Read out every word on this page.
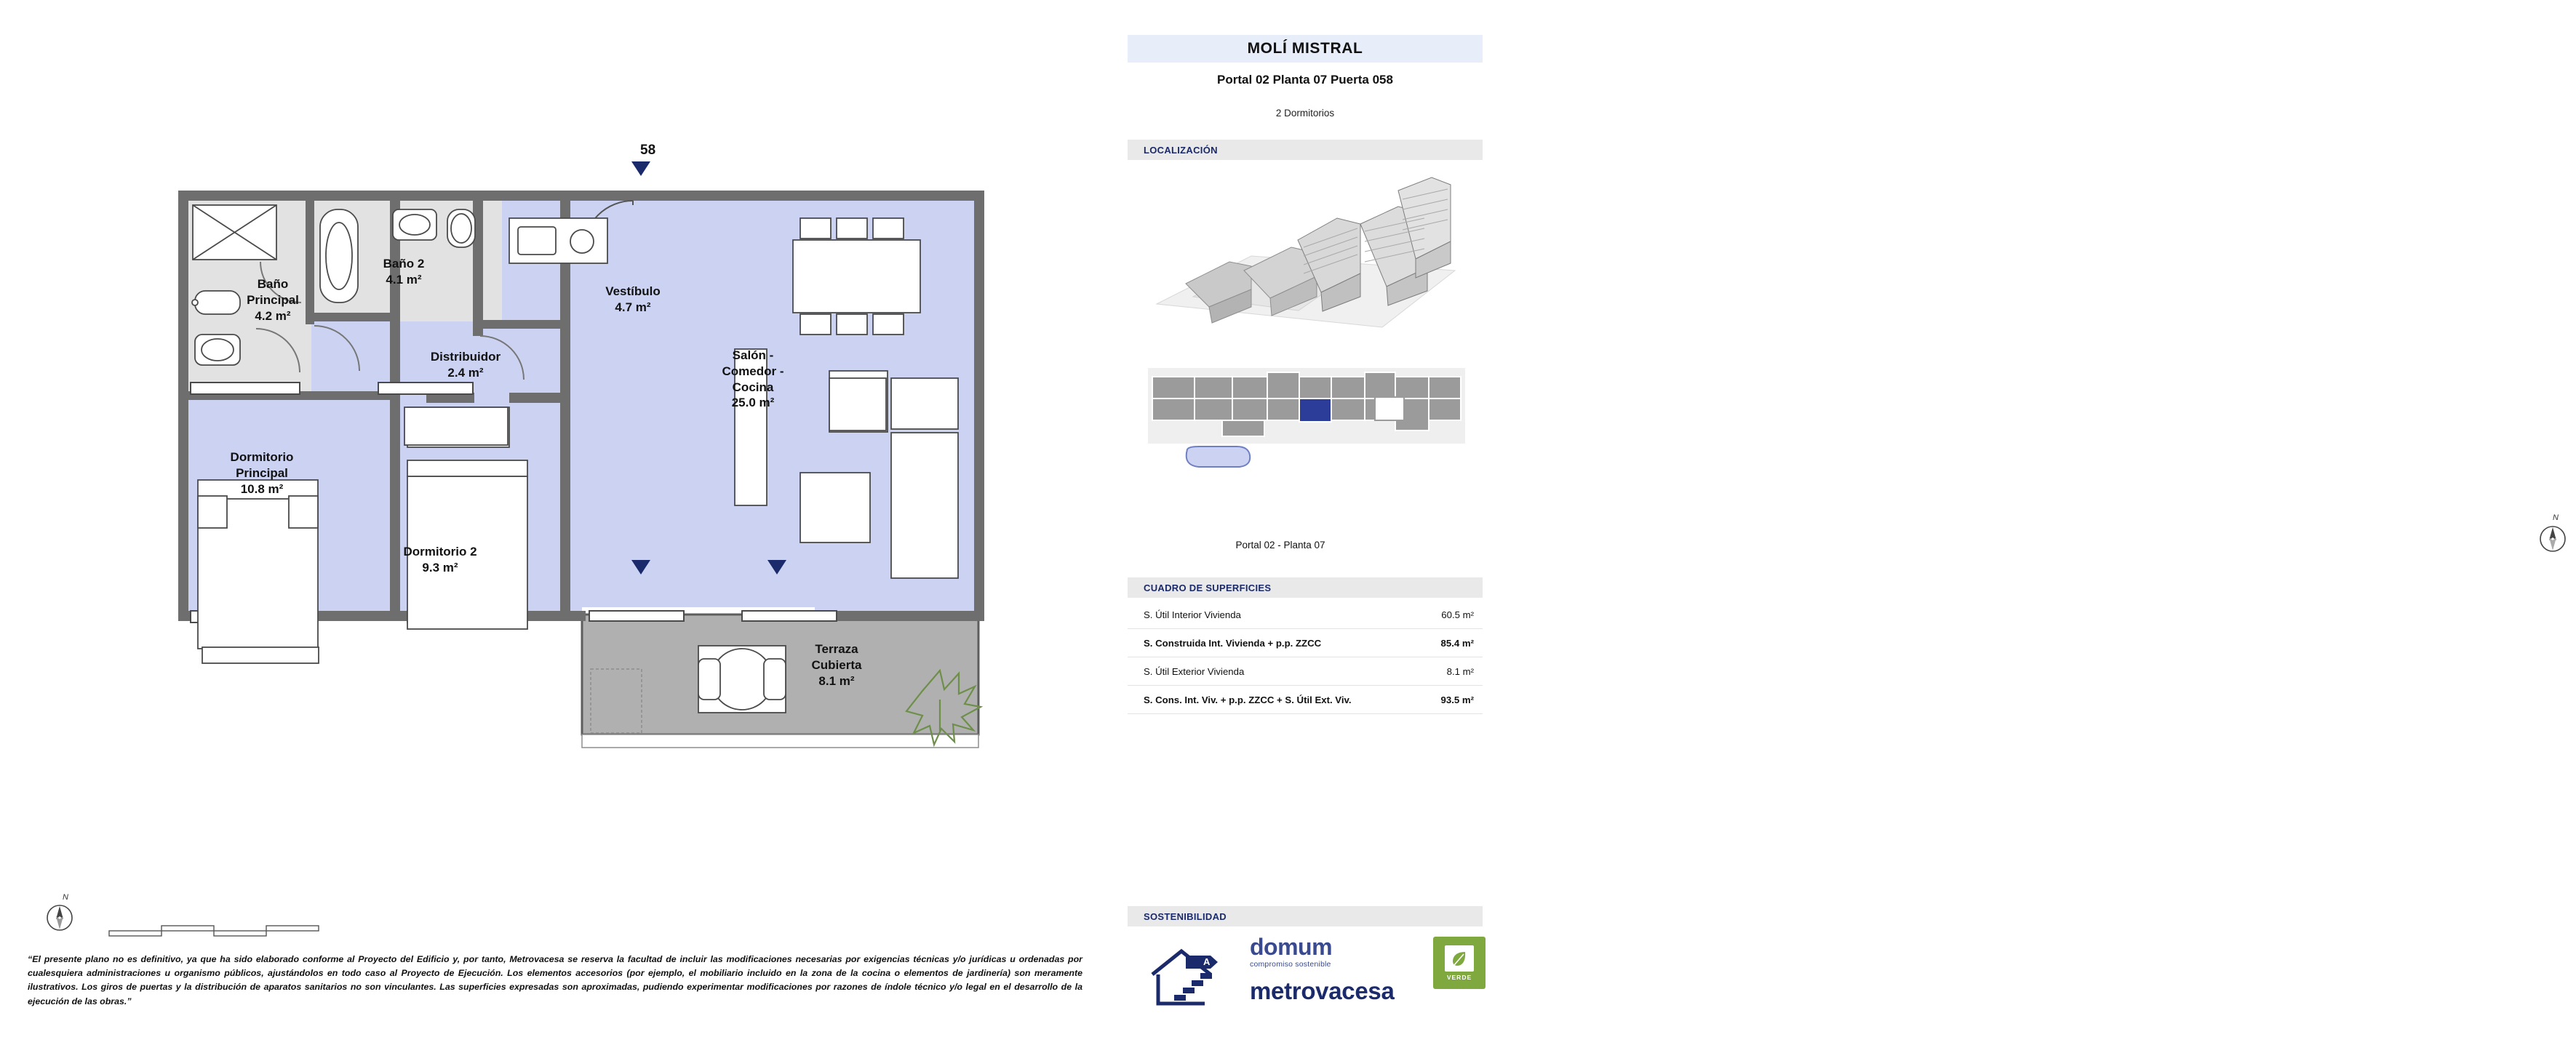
58
Baño
Principal
4.2 m²
Baño 2
4.1 m²
Vestíbulo
4.7 m²
Distribuidor
2.4 m²
Salón -
Comedor -
Cocina
25.0 m²
Dormitorio
Principal
10.8 m²
Dormitorio 2
9.3 m²
Terraza
Cubierta
8.1 m²
N
“El presente plano no es definitivo, ya que ha sido elaborado conforme al Proyecto del Edificio y, por tanto, Metrovacesa se reserva la facultad de incluir las modificaciones necesarias por exigencias técnicas y/o jurídicas u ordenadas por cualesquiera administraciones u organismo públicos, ajustándolos en todo caso al Proyecto de Ejecución. Los elementos accesorios (por ejemplo, el mobiliario incluido en la zona de la cocina o elementos de jardinería) son meramente ilustrativos. Los giros de puertas y la distribución de aparatos sanitarios no son vinculantes. Las superficies expresadas son aproximadas, pudiendo experimentar modificaciones por razones de índole técnico y/o legal en el desarrollo de la ejecución de las obras.”
MOLÍ MISTRAL
Portal 02 Planta 07 Puerta 058
2 Dormitorios
LOCALIZACIÓN
Portal 02 - Planta 07
CUADRO DE SUPERFICIES
S. Útil Interior Vivienda	60.5 m²
S. Construida Int. Vivienda + p.p. ZZCC	85.4 m²
S. Útil Exterior Vivienda	8.1 m²
S. Cons. Int. Viv. + p.p. ZZCC + S. Útil Ext. Viv.	93.5 m²
SOSTENIBILIDAD
A
domum
compromiso sostenible
metrovacesa
VERDE
N
